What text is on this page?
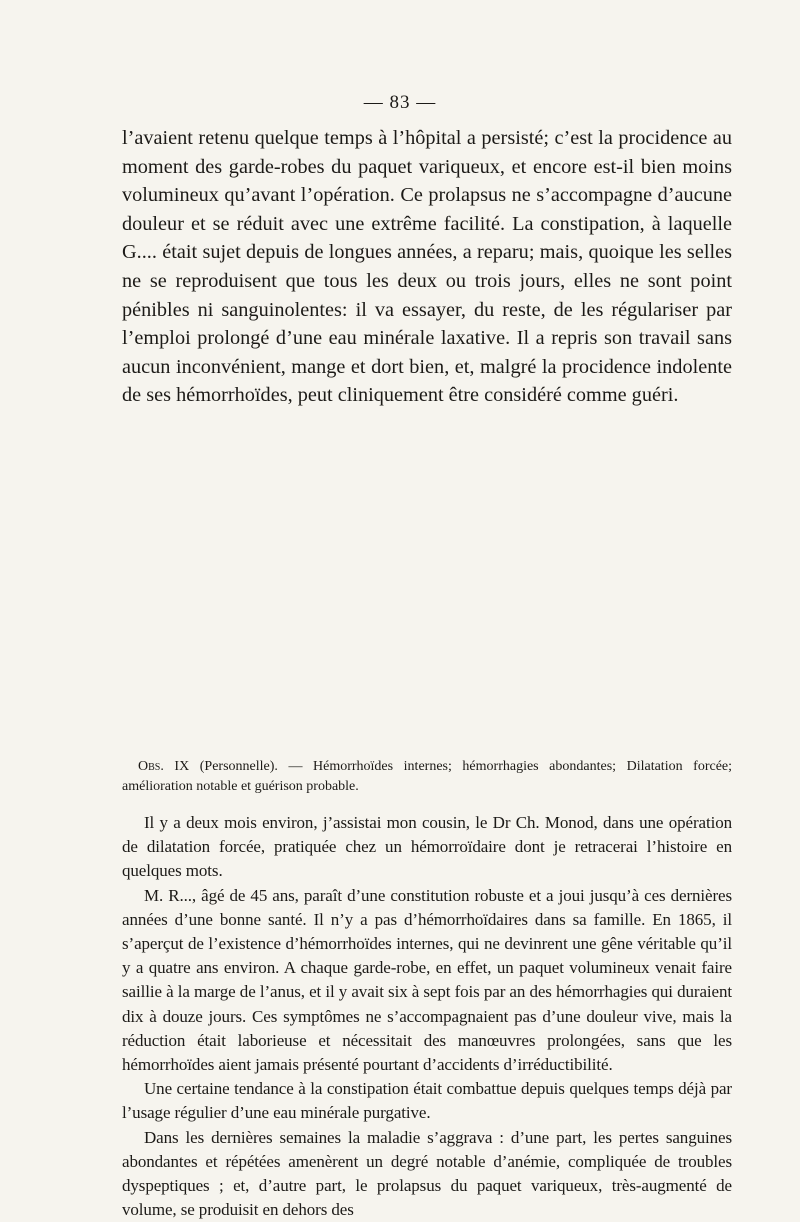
— 83 —

l’avaient retenu quelque temps à l’hôpital a persisté; c’est la procidence au moment des garde-robes du paquet variqueux, et encore est-il bien moins volumineux qu’avant l’opération. Ce prolapsus ne s’accompagne d’aucune douleur et se réduit avec une extrême facilité. La constipation, à laquelle G.... était sujet depuis de longues années, a reparu; mais, quoique les selles ne se reproduisent que tous les deux ou trois jours, elles ne sont point pénibles ni sanguinolentes: il va essayer, du reste, de les régulariser par l’emploi prolongé d’une eau minérale laxative. Il a repris son travail sans aucun inconvénient, mange et dort bien, et, malgré la procidence indolente de ses hémorrhoïdes, peut cliniquement être considéré comme guéri.

Obs. IX (Personnelle). — Hémorrhoïdes internes; hémorrhagies abondantes; Dilatation forcée; amélioration notable et guérison probable.

Il y a deux mois environ, j’assistai mon cousin, le Dr Ch. Monod, dans une opération de dilatation forcée, pratiquée chez un hémorroïdaire dont je retracerai l’histoire en quelques mots.

M. R..., âgé de 45 ans, paraît d’une constitution robuste et a joui jusqu’à ces dernières années d’une bonne santé. Il n’y a pas d’hémorrhoïdaires dans sa famille. En 1865, il s’aperçut de l’existence d’hémorrhoïdes internes, qui ne devinrent une gêne véritable qu’il y a quatre ans environ. A chaque garde-robe, en effet, un paquet volumineux venait faire saillie à la marge de l’anus, et il y avait six à sept fois par an des hémorrhagies qui duraient dix à douze jours. Ces symptômes ne s’accompagnaient pas d’une douleur vive, mais la réduction était laborieuse et nécessitait des manœuvres prolongées, sans que les hémorrhoïdes aient jamais présenté pourtant d’accidents d’irréductibilité.

Une certaine tendance à la constipation était combattue depuis quelques temps déjà par l’usage régulier d’une eau minérale purgative.

Dans les dernières semaines la maladie s’aggrava : d’une part, les pertes sanguines abondantes et répétées amenèrent un degré notable d’anémie, compliquée de troubles dyspeptiques ; et, d’autre part, le prolapsus du paquet variqueux, très-augmenté de volume, se produisit en dehors des
